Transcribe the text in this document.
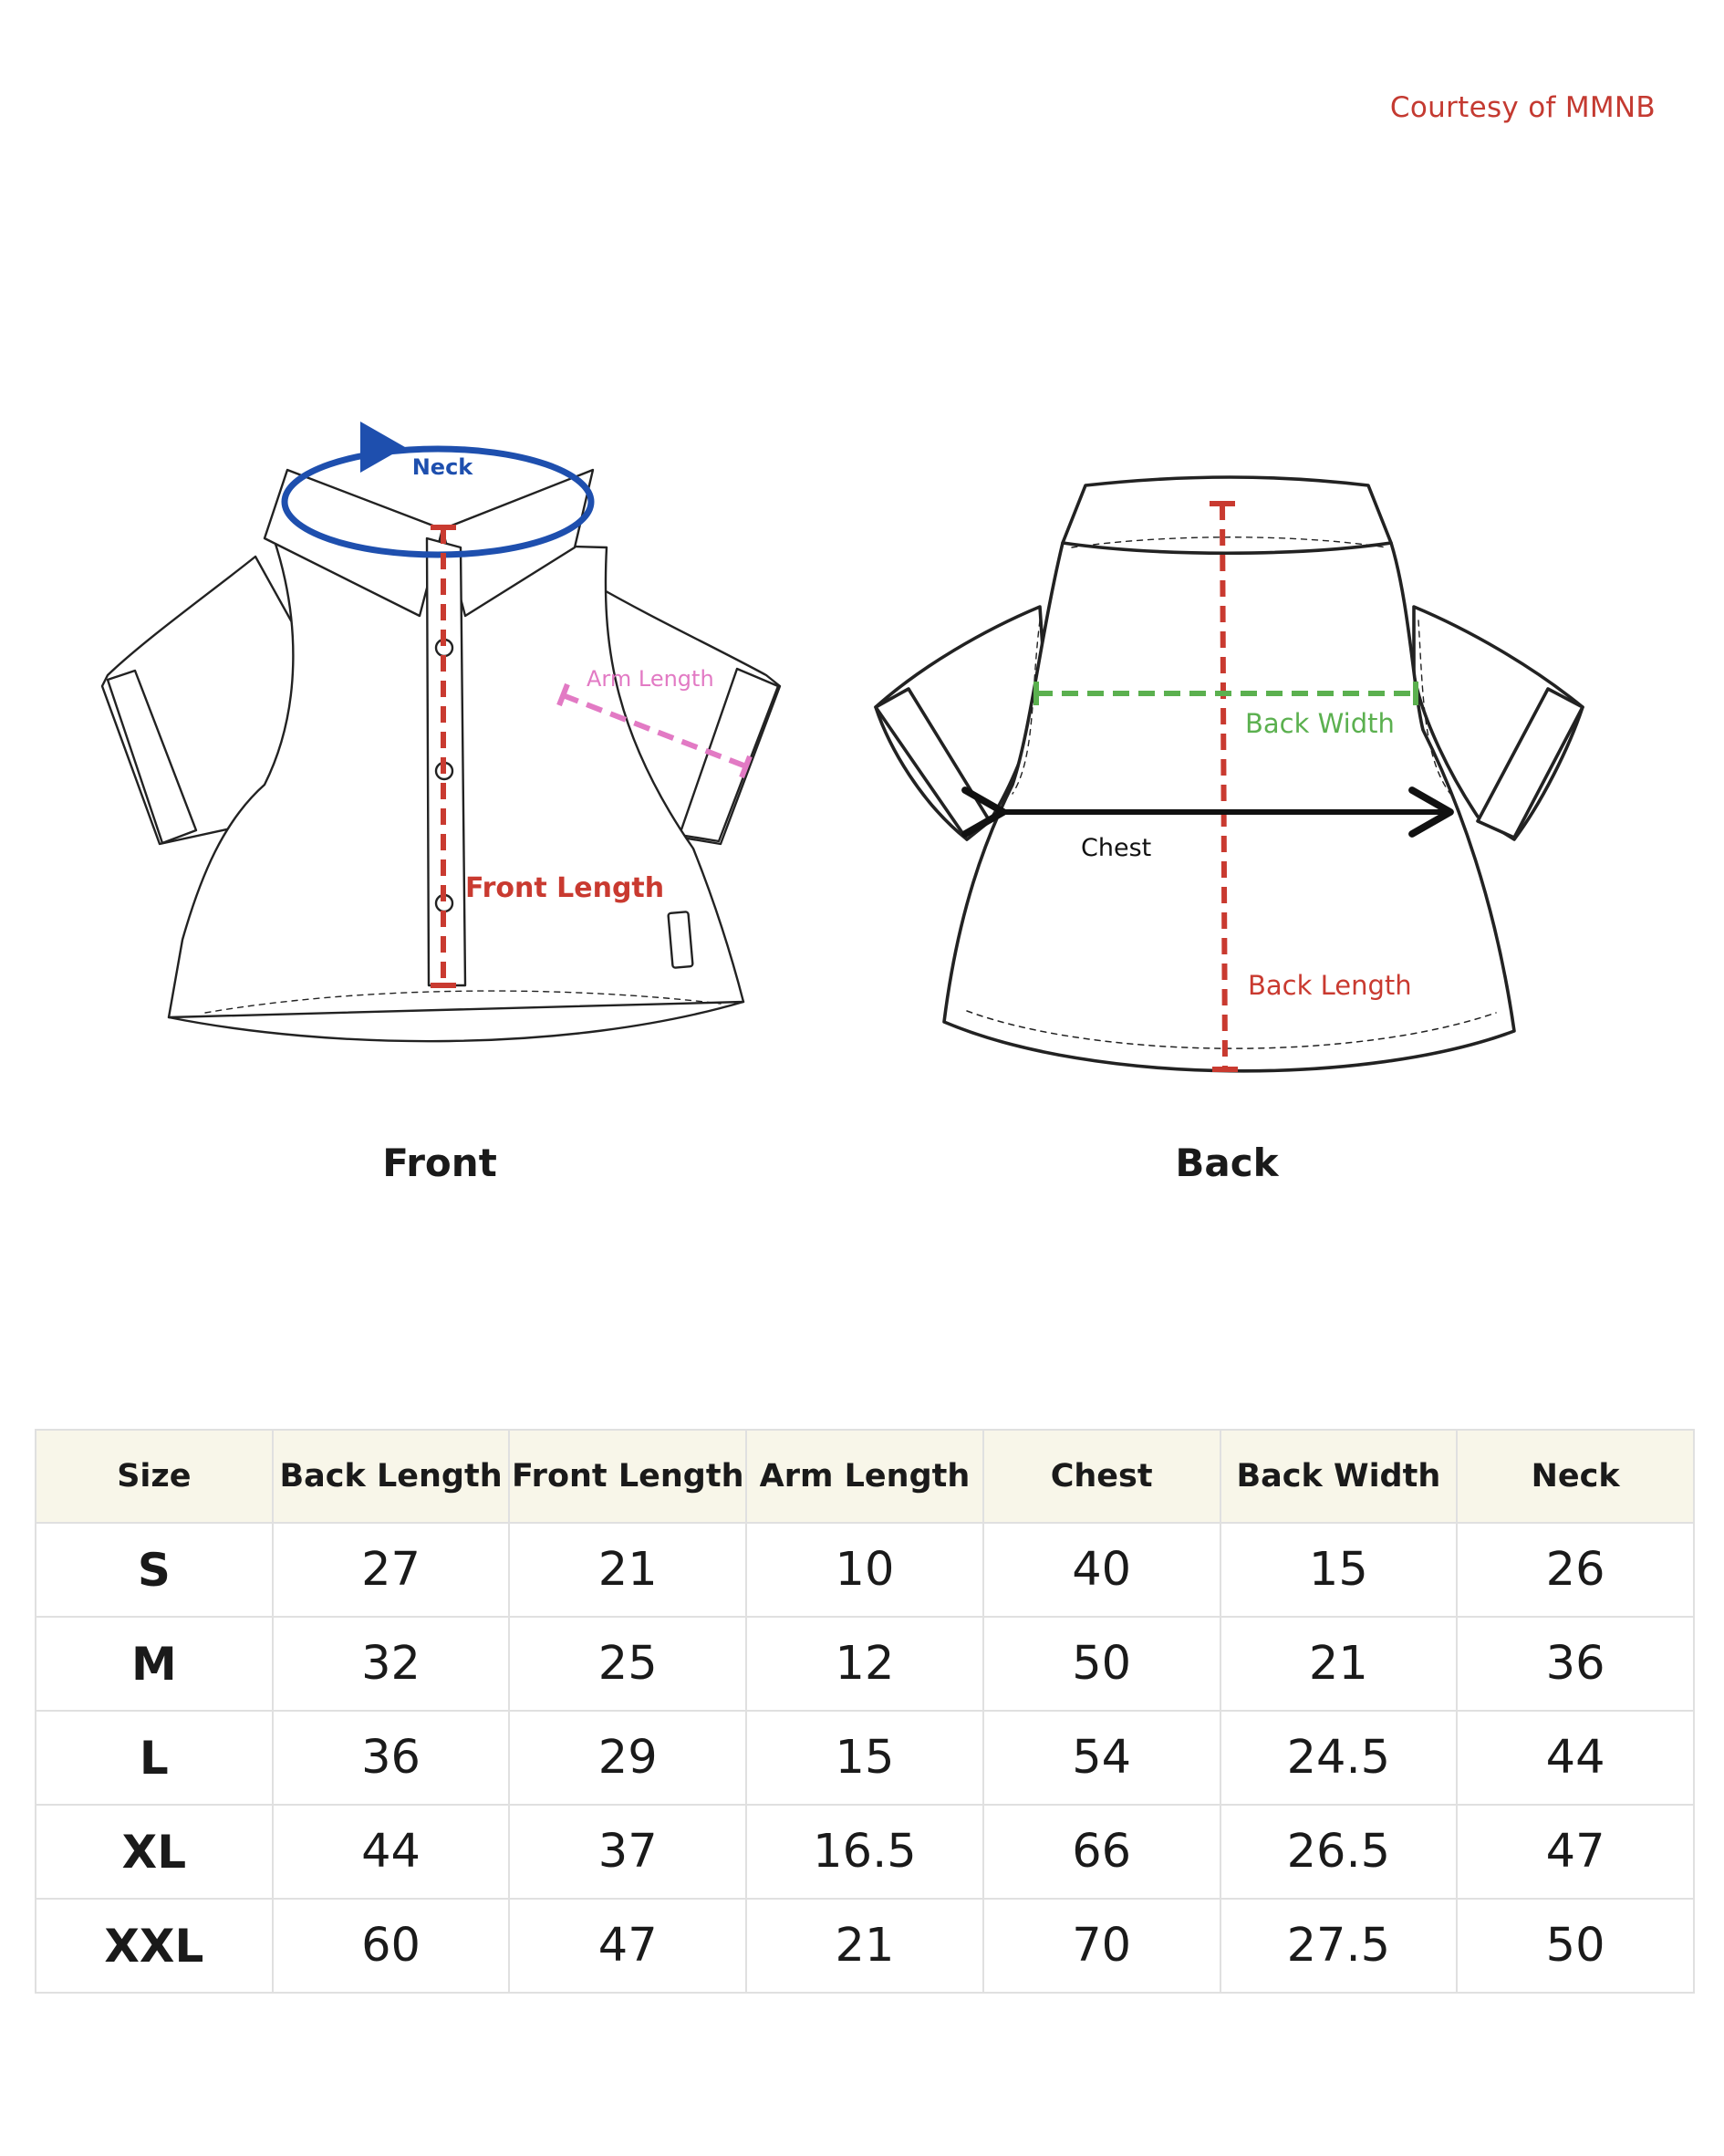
Courtesy of MMNB
Neck
Front Length
Arm Length
Back Length
Back Width
Chest
Front	Back
Size	Back Length	Front Length	Arm Length	Chest	Back Width	Neck
S	27	21	10	40	15	26
M	32	25	12	50	21	36
L	36	29	15	54	24.5	44
XL	44	37	16.5	66	26.5	47
XXL	60	47	21	70	27.5	50
